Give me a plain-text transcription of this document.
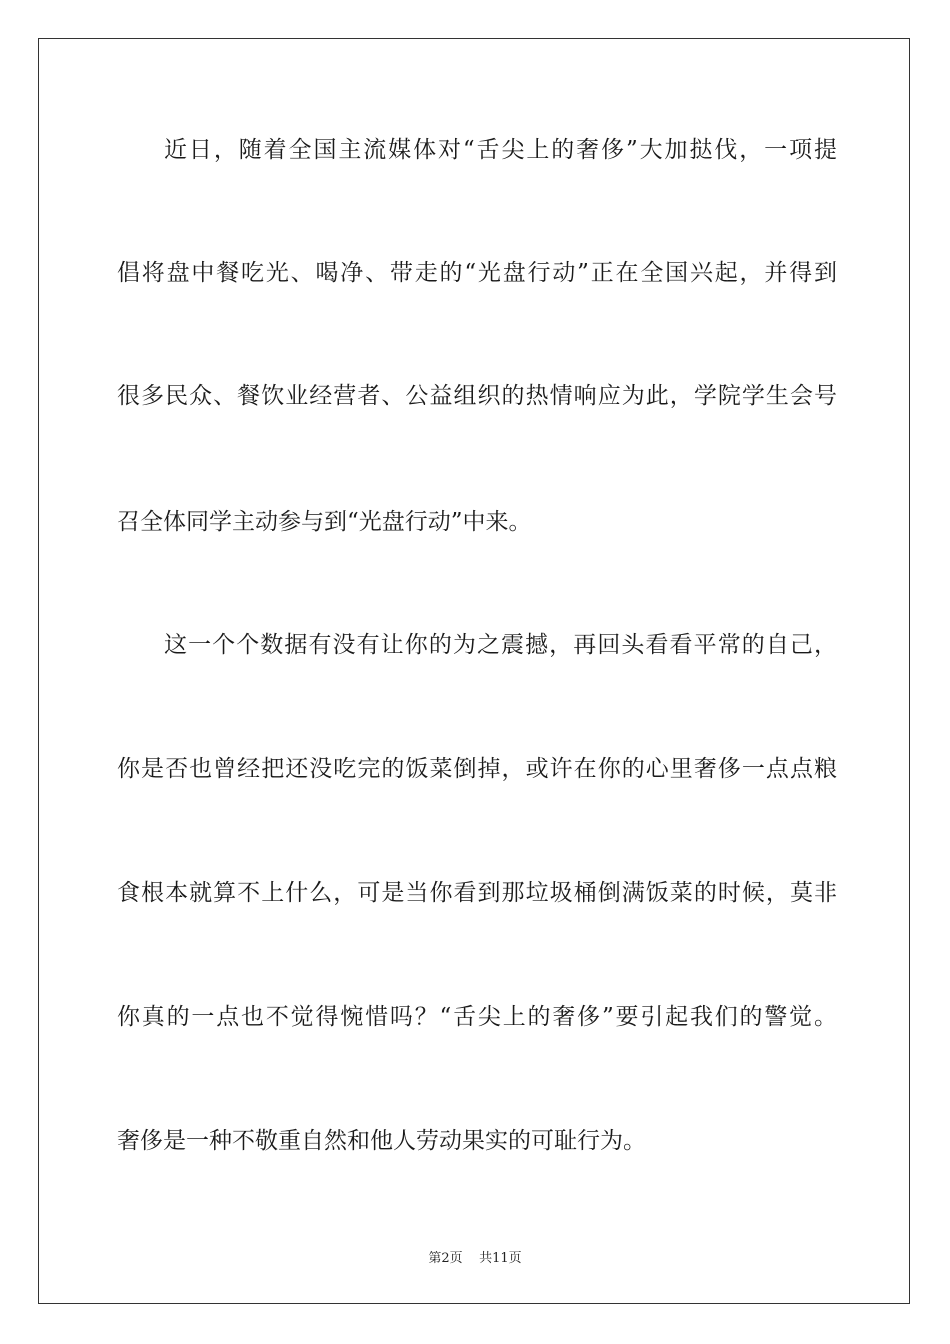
近日，随着全国主流媒体对“舌尖上的奢侈”大加挞伐，一项提
倡将盘中餐吃光、喝净、带走的“光盘行动”正在全国兴起，并得到
很多民众、餐饮业经营者、公益组织的热情响应为此，学院学生会号
召全体同学主动参与到“光盘行动”中来。
这一个个数据有没有让你的为之震撼，再回头看看平常的自己，
你是否也曾经把还没吃完的饭菜倒掉，或许在你的心里奢侈一点点粮
食根本就算不上什么，可是当你看到那垃圾桶倒满饭菜的时候，莫非
你真的一点也不觉得惋惜吗？“舌尖上的奢侈”要引起我们的警觉。
奢侈是一种不敬重自然和他人劳动果实的可耻行为。
第2页    共11页
